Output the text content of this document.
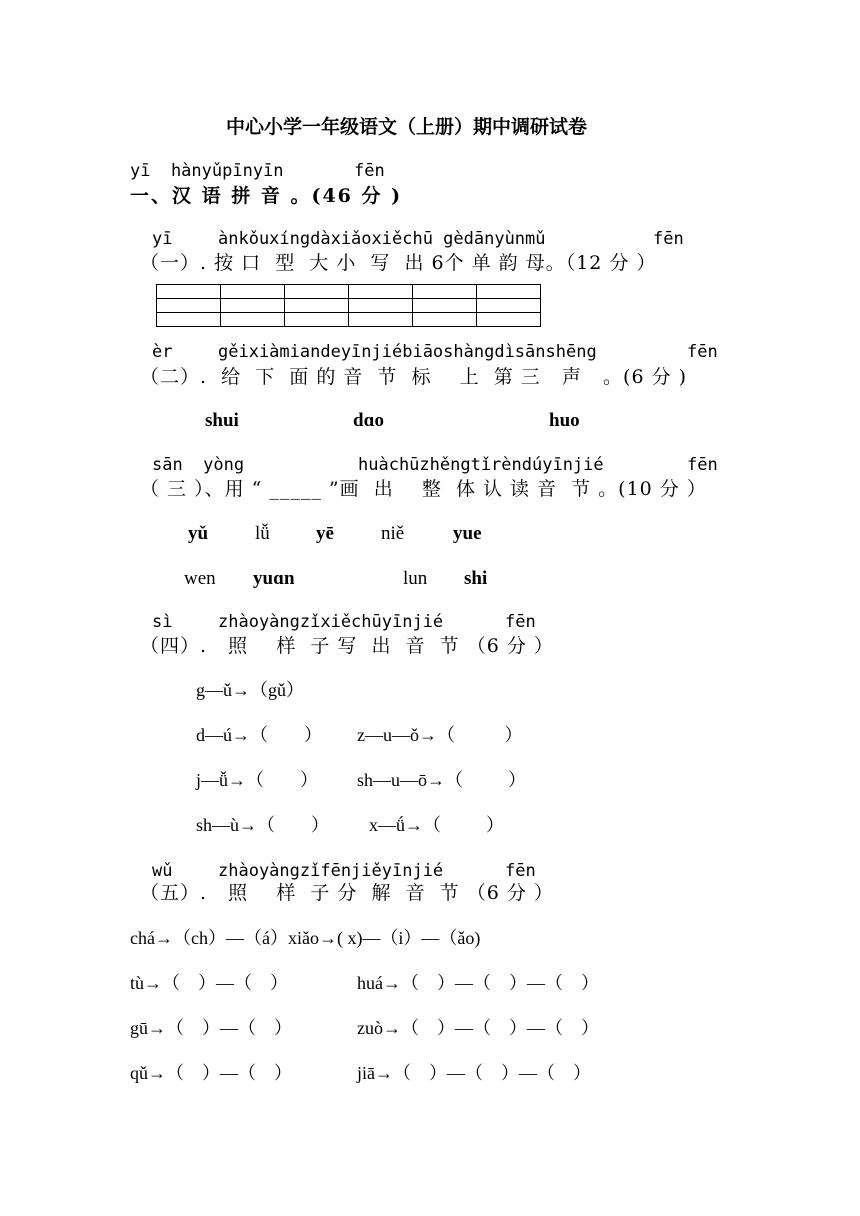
中心小学一年级语文（上册）期中调研试卷
yī  hànyǔpīnyīn	fēn
一、汉 语 拼 音 。(46 分 )
yī	ànkǒuxíngdàxiǎoxiěchū gèdānyùnmǔ	fēn
（一）. 按 口  型  大 小  写  出 6个 单 韵 母。（12 分 ）

èr	gěixiàmiandeyīnjiébiāoshàngdìsānshēng	fēn
（二）.  给  下  面 的 音  节  标    上  第 三   声   。(6 分 )
shui	dɑo	huo
sān  yòng	huàchūzhěngtǐrèndúyīnjié	fēn
（ 三 ）、用 “ _____ ”画  出    整  体 认 读 音  节 。(10 分 ）
yǔ lǚ yē niě	yue
wen yuɑn	lun shi
sì	zhàoyàngzǐxiěchūyīnjié	fēn
（四）.   照    样  子 写  出  音  节 （6 分 ）
g—ǔ→（gǔ）
d—ú→（        ） z—u—ǒ→（           ）
j—ǚ→（        ） sh—u—ō→（          ）
sh—ù→（        ） x—ǘ→（          ）
wǔ	zhàoyàngzǐfēnjiěyīnjié	fēn
（五）.   照    样  子 分  解  音  节 （6 分 ）
chá→（ch）—（á）xiǎo→( x)—（i）—（ǎo)
tù→（    ）—（    ）	huá→（    ）—（    ）—（    ）
gū→（    ）—（    ）	zuò→（    ）—（    ）—（    ）
qǔ→（    ）—（    ）	jiā→（    ）—（    ）—（    ）
